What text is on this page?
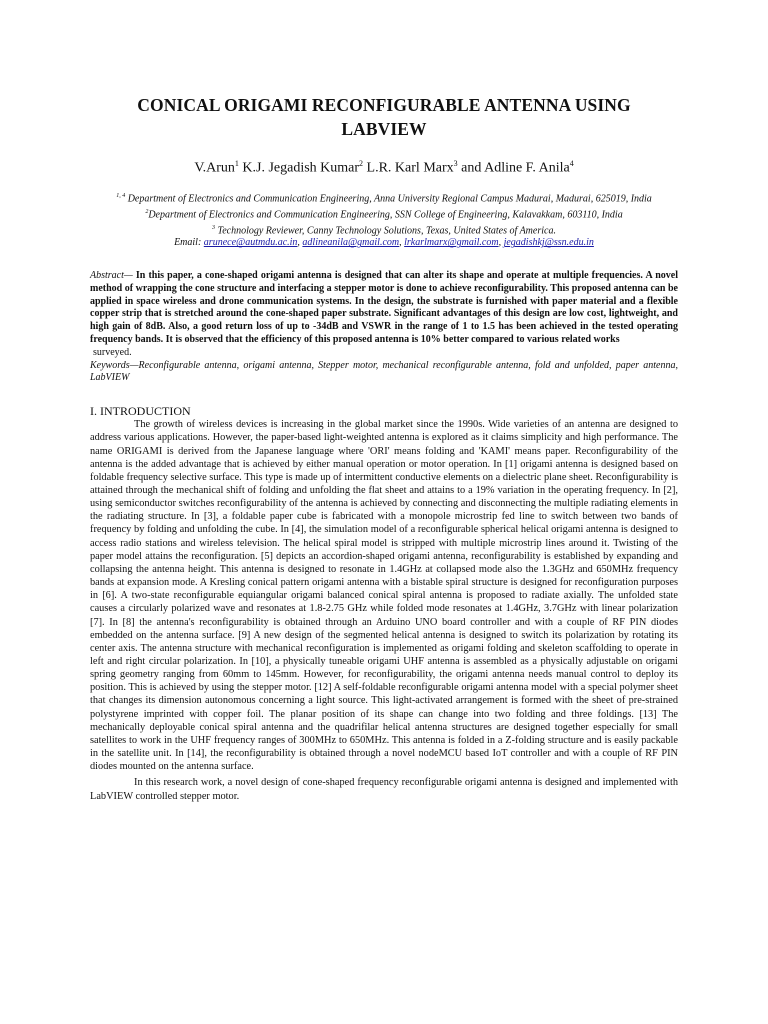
CONICAL ORIGAMI RECONFIGURABLE ANTENNA USING
LABVIEW
V.Arun$^1$ K.J. Jegadish Kumar$^2$ L.R. Karl Marx$^3$ and Adline F. Anila$^4$
$^{1, 4}$ Department of Electronics and Communication Engineering, Anna University Regional Campus Madurai, Madurai, 625019, India
$^2$Department of Electronics and Communication Engineering, SSN College of Engineering, Kalavakkam, 603110, India
$^3$ Technology Reviewer, Canny Technology Solutions, Texas, United States of America.
Email: arunece@autmdu.ac.in, adlineanila@gmail.com, lrkarlmarx@gmail.com, jegadishkj@ssn.edu.in
Abstract— In this paper, a cone-shaped origami antenna is designed that can alter its shape and operate at multiple frequencies. A novel method of wrapping the cone structure and interfacing a stepper motor is done to achieve reconfigurability. This proposed antenna can be applied in space wireless and drone communication systems. In the design, the substrate is furnished with paper material and a flexible copper strip that is stretched around the cone-shaped paper substrate. Significant advantages of this design are low cost, lightweight, and high gain of 8dB. Also, a good return loss of up to -34dB and VSWR in the range of 1 to 1.5 has been achieved in the tested operating frequency bands. It is observed that the efficiency of this proposed antenna is 10% better compared to various related works
surveyed.
Keywords—Reconfigurable antenna, origami antenna, Stepper motor, mechanical reconfigurable antenna, fold and unfolded, paper antenna, LabVIEW
I. INTRODUCTION

The growth of wireless devices is increasing in the global market since the 1990s. Wide varieties of an antenna are designed to address various applications. However, the paper-based light-weighted antenna is explored as it claims simplicity and high performance. The name ORIGAMI is derived from the Japanese language where 'ORI' means folding and 'KAMI' means paper. Reconfigurability of the antenna is the added advantage that is achieved by either manual operation or motor operation. In [1] origami antenna is designed based on foldable frequency selective surface. This type is made up of intermittent conductive elements on a dielectric plane sheet. Reconfigurability is attained through the mechanical shift of folding and unfolding the flat sheet and attains to a 19% variation in the operating frequency. In [2], using semiconductor switches reconfigurability of the antenna is achieved by connecting and disconnecting the multiple radiating elements in the radiating structure. In [3], a foldable paper cube is fabricated with a monopole microstrip fed line to switch between two bands of frequency by folding and unfolding the cube. In [4], the simulation model of a reconfigurable spherical helical origami antenna is designed to access radio stations and wireless television. The helical spiral model is stripped with multiple microstrip lines around it. Twisting of the paper model attains the reconfiguration. [5] depicts an accordion-shaped origami antenna, reconfigurability is established by expanding and collapsing the antenna height. This antenna is designed to resonate in 1.4GHz at collapsed mode also the 1.3GHz and 650MHz frequency bands at expansion mode. A Kresling conical pattern origami antenna with a bistable spiral structure is designed for reconfiguration purposes in [6]. A two-state reconfigurable equiangular origami balanced conical spiral antenna is proposed to radiate axially. The unfolded state causes a circularly polarized wave and resonates at 1.8-2.75 GHz while folded mode resonates at 1.4GHz, 3.7GHz with linear polarization [7]. In [8] the antenna's reconfigurability is obtained through an Arduino UNO board controller and with a couple of RF PIN diodes embedded on the antenna surface. [9] A new design of the segmented helical antenna is designed to switch its polarization by rotating its center axis. The antenna structure with mechanical reconfiguration is implemented as origami folding and skeleton scaffolding to operate in left and right circular polarization. In [10], a physically tuneable origami UHF antenna is assembled as a physically adjustable on origami spring geometry ranging from 60mm to 145mm. However, for reconfigurability, the origami antenna needs manual control to deploy its position. This is achieved by using the stepper motor. [12] A self-foldable reconfigurable origami antenna model with a special polymer sheet that changes its dimension autonomous concerning a light source. This light-activated arrangement is formed with the sheet of pre-strained polystyrene imprinted with copper foil. The planar position of its shape can change into two folding and three foldings. [13] The mechanically deployable conical spiral antenna and the quadrifilar helical antenna structures are designed together especially for small satellites to work in the UHF frequency ranges of 300MHz to 650MHz. This antenna is folded in a Z-folding structure and is easily packable in the satellite unit. In [14], the reconfigurability is obtained through a novel nodeMCU based IoT controller and with a couple of RF PIN diodes mounted on the antenna surface.

In this research work, a novel design of cone-shaped frequency reconfigurable origami antenna is designed and implemented with LabVIEW controlled stepper motor.
